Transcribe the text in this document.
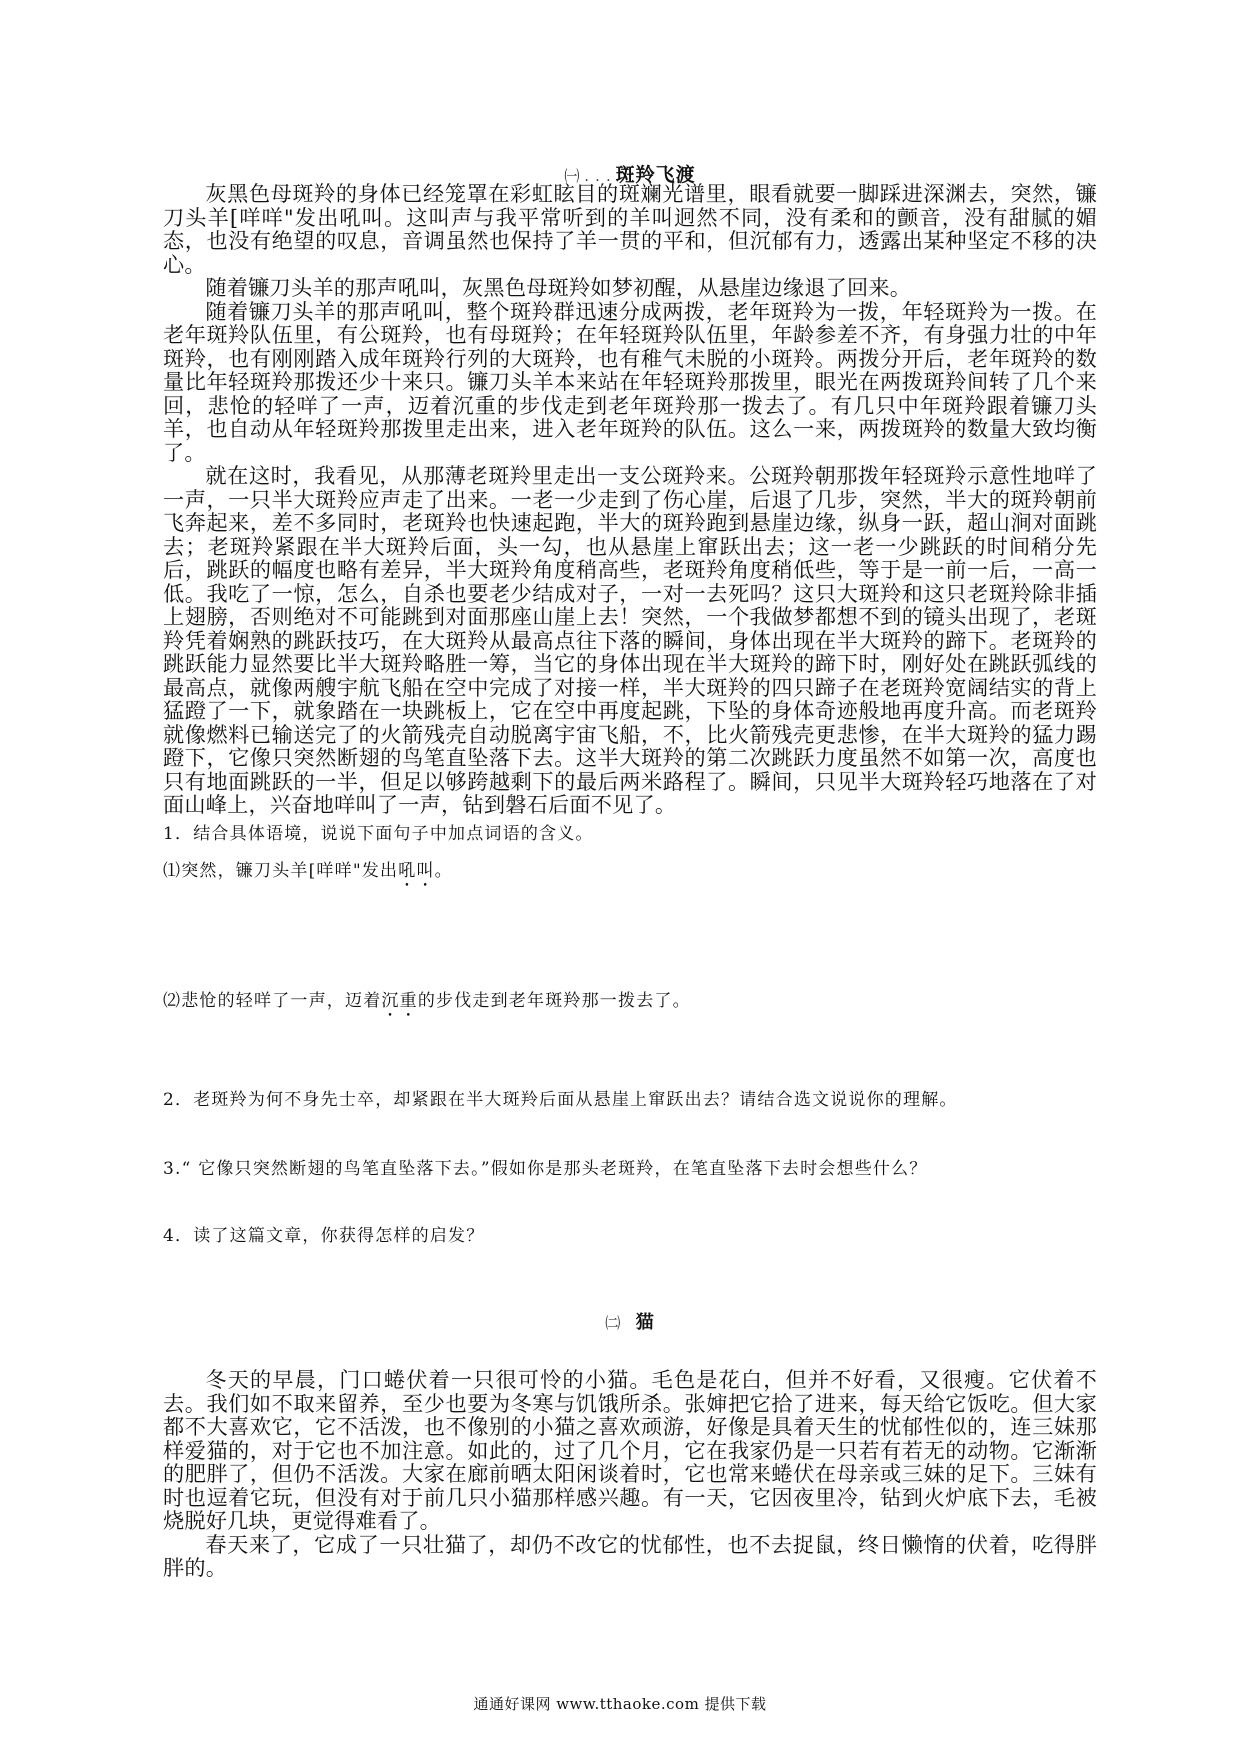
㈠ . . . 斑羚飞渡

灰黑色母斑羚的身体已经笼罩在彩虹眩目的斑斓光谱里，眼看就要一脚踩进深渊去，突然，镰刀头羊[咩咩"发出吼叫。这叫声与我平常听到的羊叫迥然不同，没有柔和的颤音，没有甜腻的媚态，也没有绝望的叹息，音调虽然也保持了羊一贯的平和，但沉郁有力，透露出某种坚定不移的决心。

随着镰刀头羊的那声吼叫，灰黑色母斑羚如梦初醒，从悬崖边缘退了回来。

随着镰刀头羊的那声吼叫，整个斑羚群迅速分成两拨，老年斑羚为一拨，年轻斑羚为一拨。在老年斑羚队伍里，有公斑羚，也有母斑羚；在年轻斑羚队伍里，年龄参差不齐，有身强力壮的中年斑羚，也有刚刚踏入成年斑羚行列的大斑羚，也有稚气未脱的小斑羚。两拨分开后，老年斑羚的数量比年轻斑羚那拨还少十来只。镰刀头羊本来站在年轻斑羚那拨里，眼光在两拨斑羚间转了几个来回，悲怆的轻咩了一声，迈着沉重的步伐走到老年斑羚那一拨去了。有几只中年斑羚跟着镰刀头羊，也自动从年轻斑羚那拨里走出来，进入老年斑羚的队伍。这么一来，两拨斑羚的数量大致均衡了。

就在这时，我看见，从那薄老斑羚里走出一支公斑羚来。公斑羚朝那拨年轻斑羚示意性地咩了一声，一只半大斑羚应声走了出来。一老一少走到了伤心崖，后退了几步，突然，半大的斑羚朝前飞奔起来，差不多同时，老斑羚也快速起跑，半大的斑羚跑到悬崖边缘，纵身一跃，超山涧对面跳去；老斑羚紧跟在半大斑羚后面，头一勾，也从悬崖上窜跃出去；这一老一少跳跃的时间稍分先后，跳跃的幅度也略有差异，半大斑羚角度稍高些，老斑羚角度稍低些，等于是一前一后，一高一低。我吃了一惊，怎么，自杀也要老少结成对子，一对一去死吗？这只大斑羚和这只老斑羚除非插上翅膀，否则绝对不可能跳到对面那座山崖上去！突然，一个我做梦都想不到的镜头出现了，老斑羚凭着娴熟的跳跃技巧，在大斑羚从最高点往下落的瞬间，身体出现在半大斑羚的蹄下。老斑羚的跳跃能力显然要比半大斑羚略胜一筹，当它的身体出现在半大斑羚的蹄下时，刚好处在跳跃弧线的最高点，就像两艘宇航飞船在空中完成了对接一样，半大斑羚的四只蹄子在老斑羚宽阔结实的背上猛蹬了一下，就象踏在一块跳板上，它在空中再度起跳，下坠的身体奇迹般地再度升高。而老斑羚就像燃料已输送完了的火箭残壳自动脱离宇宙飞船，不，比火箭残壳更悲惨，在半大斑羚的猛力踢蹬下，它像只突然断翅的鸟笔直坠落下去。这半大斑羚的第二次跳跃力度虽然不如第一次，高度也只有地面跳跃的一半，但足以够跨越剩下的最后两米路程了。瞬间，只见半大斑羚轻巧地落在了对面山峰上，兴奋地咩叫了一声，钻到磐石后面不见了。

1．结合具体语境，说说下面句子中加点词语的含义。
⑴突然，镰刀头羊[咩咩"发出吼叫。
⑵悲怆的轻咩了一声，迈着沉重的步伐走到老年斑羚那一拨去了。
2．老斑羚为何不身先士卒，却紧跟在半大斑羚后面从悬崖上窜跃出去？请结合选文说说你的理解。
3.“ 它像只突然断翅的鸟笔直坠落下去。”假如你是那头老斑羚，在笔直坠落下去时会想些什么？
4．读了这篇文章，你获得怎样的启发？
㈡ 猫

冬天的早晨，门口蜷伏着一只很可怜的小猫。毛色是花白，但并不好看，又很瘦。它伏着不去。我们如不取来留养，至少也要为冬寒与饥饿所杀。张婶把它拾了进来，每天给它饭吃。但大家都不大喜欢它，它不活泼，也不像别的小猫之喜欢顽游，好像是具着天生的忧郁性似的，连三妹那样爱猫的，对于它也不加注意。如此的，过了几个月，它在我家仍是一只若有若无的动物。它渐渐的肥胖了，但仍不活泼。大家在廊前晒太阳闲谈着时，它也常来蜷伏在母亲或三妹的足下。三妹有时也逗着它玩，但没有对于前几只小猫那样感兴趣。有一天，它因夜里冷，钻到火炉底下去，毛被烧脱好几块，更觉得难看了。

春天来了，它成了一只壮猫了，却仍不改它的忧郁性，也不去捉鼠，终日懒惰的伏着，吃得胖胖的。

通通好课网 www.tthaoke.com 提供下载
